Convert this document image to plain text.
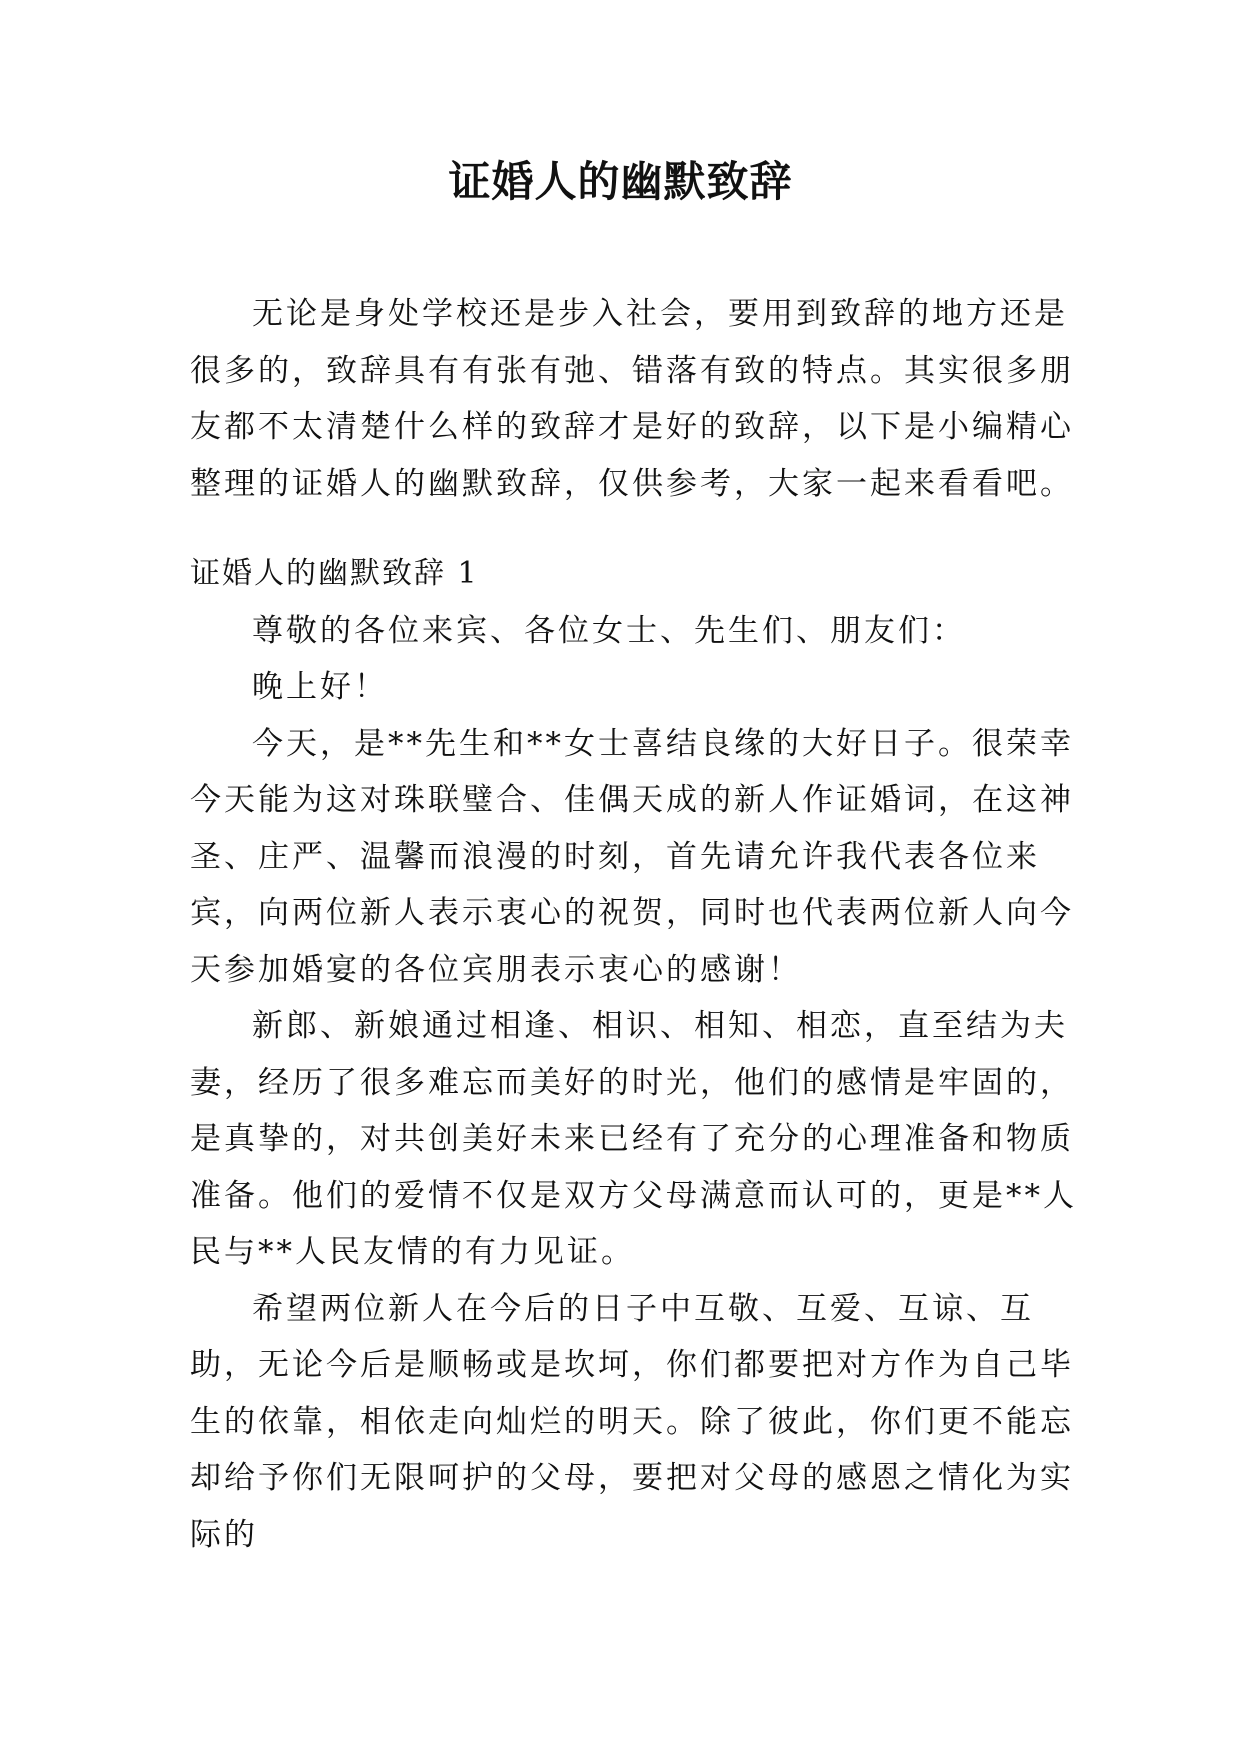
证婚人的幽默致辞

无论是身处学校还是步入社会，要用到致辞的地方还是很多的，致辞具有有张有弛、错落有致的特点。其实很多朋友都不太清楚什么样的致辞才是好的致辞，以下是小编精心整理的证婚人的幽默致辞，仅供参考，大家一起来看看吧。

证婚人的幽默致辞 1

尊敬的各位来宾、各位女士、先生们、朋友们：

晚上好！

今天，是**先生和**女士喜结良缘的大好日子。很荣幸今天能为这对珠联璧合、佳偶天成的新人作证婚词，在这神圣、庄严、温馨而浪漫的时刻，首先请允许我代表各位来宾，向两位新人表示衷心的祝贺，同时也代表两位新人向今天参加婚宴的各位宾朋表示衷心的感谢！

新郎、新娘通过相逢、相识、相知、相恋，直至结为夫妻，经历了很多难忘而美好的时光，他们的感情是牢固的，是真挚的，对共创美好未来已经有了充分的心理准备和物质准备。他们的爱情不仅是双方父母满意而认可的，更是**人民与**人民友情的有力见证。

希望两位新人在今后的日子中互敬、互爱、互谅、互助，无论今后是顺畅或是坎坷，你们都要把对方作为自己毕生的依靠，相依走向灿烂的明天。除了彼此，你们更不能忘却给予你们无限呵护的父母，要把对父母的感恩之情化为实际的
